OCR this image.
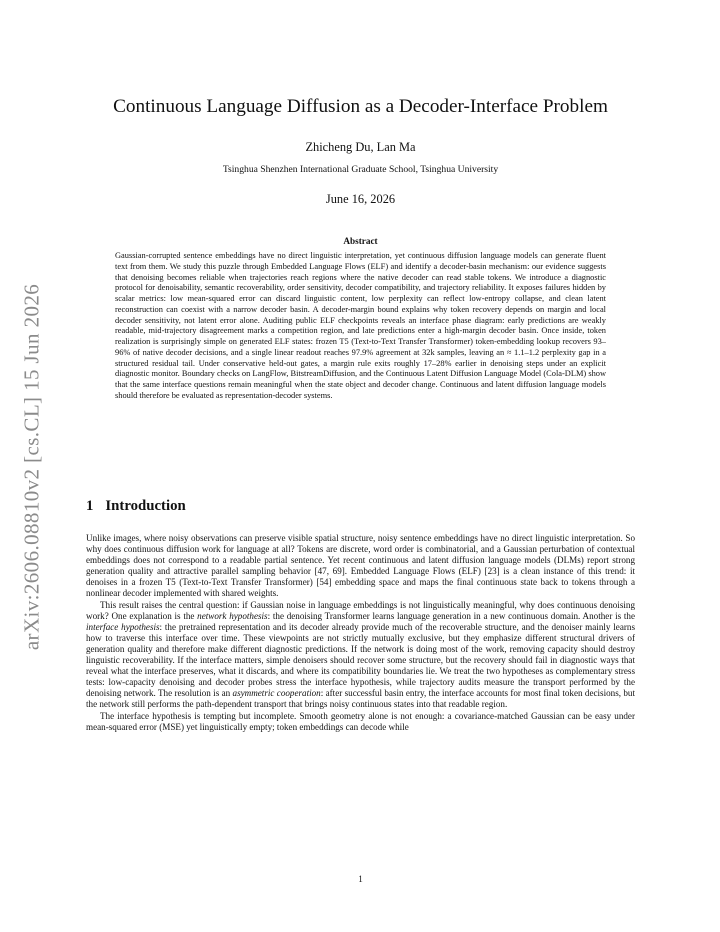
arXiv:2606.08810v2 [cs.CL] 15 Jun 2026
Continuous Language Diffusion as a Decoder-Interface Problem
Zhicheng Du, Lan Ma
Tsinghua Shenzhen International Graduate School, Tsinghua University
June 16, 2026
Abstract

Gaussian-corrupted sentence embeddings have no direct linguistic interpretation, yet continuous diffusion language models can generate fluent text from them. We study this puzzle through Embedded Language Flows (ELF) and identify a decoder-basin mechanism: our evidence suggests that denoising becomes reliable when trajectories reach regions where the native decoder can read stable tokens. We introduce a diagnostic protocol for denoisability, semantic recoverability, order sensitivity, decoder compatibility, and trajectory reliability. It exposes failures hidden by scalar metrics: low mean-squared error can discard linguistic content, low perplexity can reflect low-entropy collapse, and clean latent reconstruction can coexist with a narrow decoder basin. A decoder-margin bound explains why token recovery depends on margin and local decoder sensitivity, not latent error alone. Auditing public ELF checkpoints reveals an interface phase diagram: early predictions are weakly readable, mid-trajectory disagreement marks a competition region, and late predictions enter a high-margin decoder basin. Once inside, token realization is surprisingly simple on generated ELF states: frozen T5 (Text-to-Text Transfer Transformer) token-embedding lookup recovers 93–96% of native decoder decisions, and a single linear readout reaches 97.9% agreement at 32k samples, leaving an ≈ 1.1–1.2 perplexity gap in a structured residual tail. Under conservative held-out gates, a margin rule exits roughly 17–28% earlier in denoising steps under an explicit diagnostic monitor. Boundary checks on LangFlow, BitstreamDiffusion, and the Continuous Latent Diffusion Language Model (Cola-DLM) show that the same interface questions remain meaningful when the state object and decoder change. Continuous and latent diffusion language models should therefore be evaluated as representation-decoder systems.

1 Introduction

Unlike images, where noisy observations can preserve visible spatial structure, noisy sentence embeddings have no direct linguistic interpretation. So why does continuous diffusion work for language at all? Tokens are discrete, word order is combinatorial, and a Gaussian perturbation of contextual embeddings does not correspond to a readable partial sentence. Yet recent continuous and latent diffusion language models (DLMs) report strong generation quality and attractive parallel sampling behavior [47, 69]. Embedded Language Flows (ELF) [23] is a clean instance of this trend: it denoises in a frozen T5 (Text-to-Text Transfer Transformer) [54] embedding space and maps the final continuous state back to tokens through a nonlinear decoder implemented with shared weights.

This result raises the central question: if Gaussian noise in language embeddings is not linguistically meaningful, why does continuous denoising work? One explanation is the network hypothesis: the denoising Transformer learns language generation in a new continuous domain. Another is the interface hypothesis: the pretrained representation and its decoder already provide much of the recoverable structure, and the denoiser mainly learns how to traverse this interface over time. These viewpoints are not strictly mutually exclusive, but they emphasize different structural drivers of generation quality and therefore make different diagnostic predictions. If the network is doing most of the work, removing capacity should destroy linguistic recoverability. If the interface matters, simple denoisers should recover some structure, but the recovery should fail in diagnostic ways that reveal what the interface preserves, what it discards, and where its compatibility boundaries lie. We treat the two hypotheses as complementary stress tests: low-capacity denoising and decoder probes stress the interface hypothesis, while trajectory audits measure the transport performed by the denoising network. The resolution is an asymmetric cooperation: after successful basin entry, the interface accounts for most final token decisions, but the network still performs the path-dependent transport that brings noisy continuous states into that readable region.

The interface hypothesis is tempting but incomplete. Smooth geometry alone is not enough: a covariance-matched Gaussian can be easy under mean-squared error (MSE) yet linguistically empty; token embeddings can decode while

1
